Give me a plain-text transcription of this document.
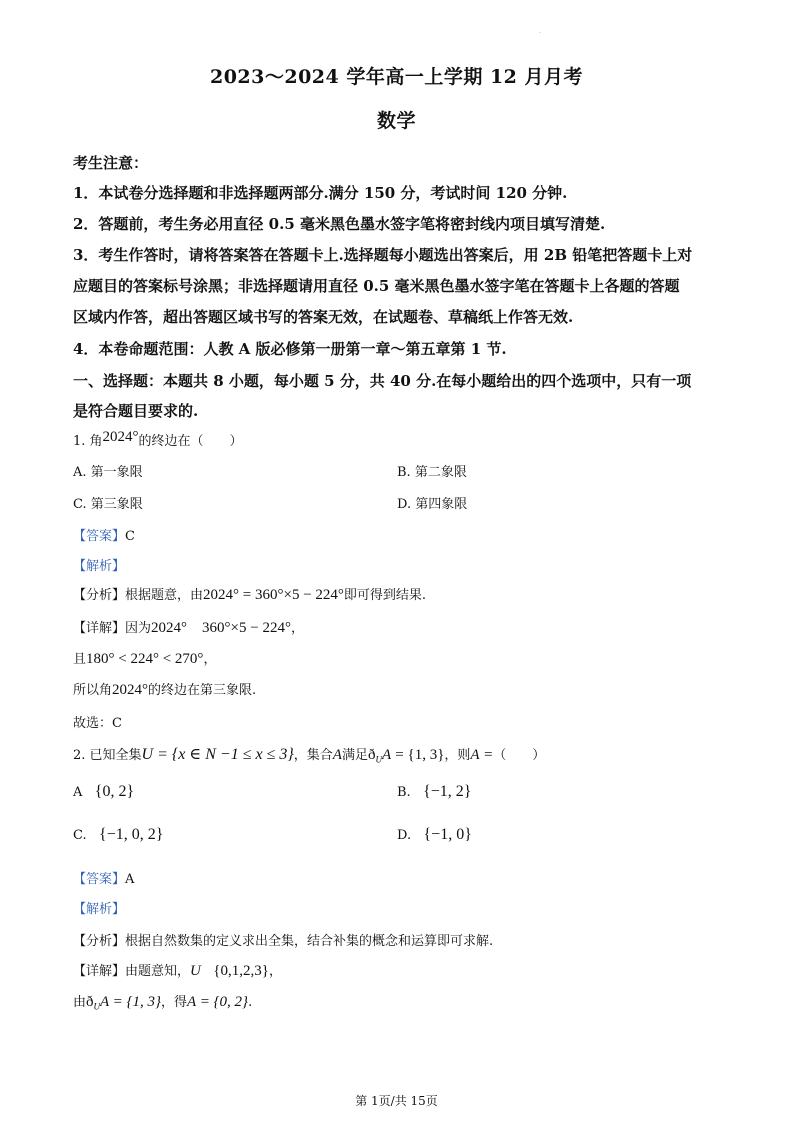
·
2023～2024 学年高一上学期 12 月月考
数学
考生注意：
1．本试卷分选择题和非选择题两部分.满分 150 分，考试时间 120 分钟.
2．答题前，考生务必用直径 0.5 毫米黑色墨水签字笔将密封线内项目填写清楚.
3．考生作答时，请将答案答在答题卡上.选择题每小题选出答案后，用 2B 铅笔把答题卡上对
应题目的答案标号涂黑；非选择题请用直径 0.5 毫米黑色墨水签字笔在答题卡上各题的答题
区域内作答，超出答题区域书写的答案无效，在试题卷、草稿纸上作答无效.
4．本卷命题范围：人教 A 版必修第一册第一章～第五章第 1 节.
一、选择题：本题共 8 小题，每小题 5 分，共 40 分.在每小题给出的四个选项中，只有一项
是符合题目要求的.
1. 角2024°的终边在（　　）
A. 第一象限	B. 第二象限
C. 第三象限	D. 第四象限
【答案】C
【解析】
【分析】根据题意，由2024° = 360°×5 − 224°即可得到结果.
【详解】因为2024°　360°×5 − 224°，
且180° < 224° < 270°，
所以角2024°的终边在第三象限.
故选：C
2. 已知全集U = {x ∈ N −1 ≤ x ≤ 3}，集合A满足$ð_UA = \{1$, 3}，则A =（　　）
A {0, 2}	B. {−1, 2}
C. {−1, 0, 2}	D. {−1, 0}
【答案】A
【解析】
【分析】根据自然数集的定义求出全集，结合补集的概念和运算即可求解.
【详解】由题意知，U {0,1,2,3}，
由$ð_UA = \{1$, 3}，得A = {0, 2}.
第 1页/共 15页
